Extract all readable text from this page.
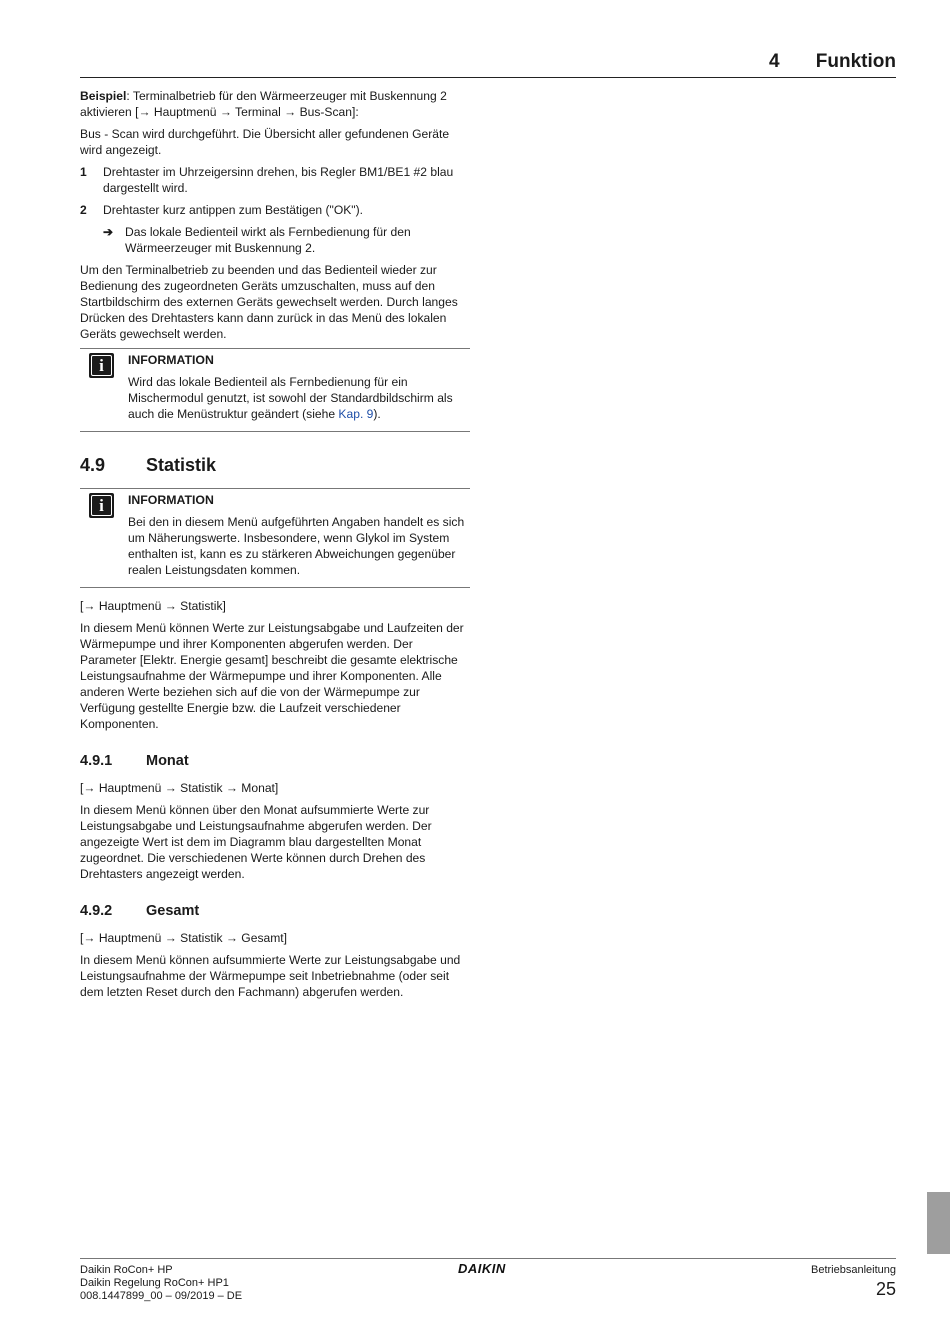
4 Funktion

Beispiel: Terminalbetrieb für den Wärmeerzeuger mit Buskennung 2 aktivieren [→ Hauptmenü → Terminal → Bus-Scan]:

Bus - Scan wird durchgeführt. Die Übersicht aller gefundenen Geräte wird angezeigt.

1 Drehtaster im Uhrzeigersinn drehen, bis Regler BM1/BE1 #2 blau dargestellt wird.
2 Drehtaster kurz antippen zum Bestätigen ("OK").
➔ Das lokale Bedienteil wirkt als Fernbedienung für den Wärmeerzeuger mit Buskennung 2.

Um den Terminalbetrieb zu beenden und das Bedienteil wieder zur Bedienung des zugeordneten Geräts umzuschalten, muss auf den Startbildschirm des externen Geräts gewechselt werden. Durch langes Drücken des Drehtasters kann dann zurück in das Menü des lokalen Geräts gewechselt werden.

i	INFORMATION

Wird das lokale Bedienteil als Fernbedienung für ein Mischermodul genutzt, ist sowohl der Standardbildschirm als auch die Menüstruktur geändert (siehe Kap. 9).

4.9 Statistik
i	INFORMATION

Bei den in diesem Menü aufgeführten Angaben handelt es sich um Näherungswerte. Insbesondere, wenn Glykol im System enthalten ist, kann es zu stärkeren Abweichungen gegenüber realen Leistungsdaten kommen.

[→ Hauptmenü → Statistik]

In diesem Menü können Werte zur Leistungsabgabe und Laufzeiten der Wärmepumpe und ihrer Komponenten abgerufen werden. Der Parameter [Elektr. Energie gesamt] beschreibt die gesamte elektrische Leistungsaufnahme der Wärmepumpe und ihrer Komponenten. Alle anderen Werte beziehen sich auf die von der Wärmepumpe zur Verfügung gestellte Energie bzw. die Laufzeit verschiedener Komponenten.

4.9.1 Monat

[→ Hauptmenü → Statistik → Monat]

In diesem Menü können über den Monat aufsummierte Werte zur Leistungsabgabe und Leistungsaufnahme abgerufen werden. Der angezeigte Wert ist dem im Diagramm blau dargestellten Monat zugeordnet. Die verschiedenen Werte können durch Drehen des Drehtasters angezeigt werden.

4.9.2 Gesamt

[→ Hauptmenü → Statistik → Gesamt]

In diesem Menü können aufsummierte Werte zur Leistungsabgabe und Leistungsaufnahme der Wärmepumpe seit Inbetriebnahme (oder seit dem letzten Reset durch den Fachmann) abgerufen werden.

Daikin RoCon+ HP
Daikin Regelung RoCon+ HP1
008.1447899_00 – 09/2019 – DE
DAIKIN	Betriebsanleitung
25
